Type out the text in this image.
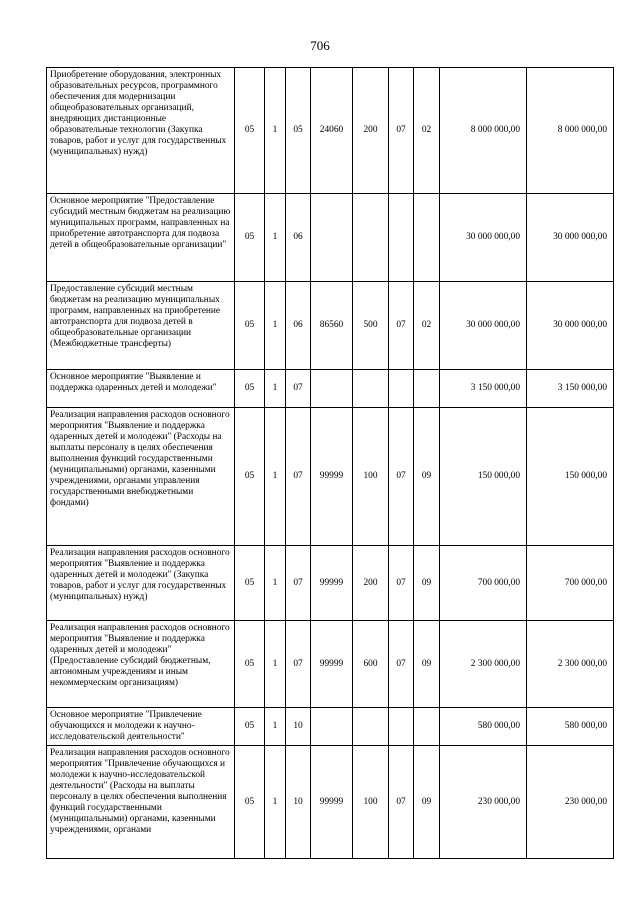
706
Приобретение оборудования, электронных образовательных ресурсов, программного обеспечения для модернизации общеобразовательных организаций, внедряющих дистанционные образовательные технологии (Закупка товаров, работ и услуг для государственных (муниципальных) нужд)	05	1	05	24060	200	07	02	8 000 000,00	8 000 000,00
Основное мероприятие "Предоставление субсидий местным бюджетам на реализацию муниципальных программ, направленных на приобретение автотранспорта для подвоза детей в общеобразовательные организации"	05	1	06					30 000 000,00	30 000 000,00
Предоставление субсидий местным бюджетам на реализацию муниципальных программ, направленных на приобретение автотранспорта для подвоза детей в общеобразовательные организации (Межбюджетные трансферты)	05	1	06	86560	500	07	02	30 000 000,00	30 000 000,00
Основное мероприятие "Выявление и поддержка одаренных детей и молодежи"	05	1	07					3 150 000,00	3 150 000,00
Реализация направления расходов основного мероприятия "Выявление и поддержка одаренных детей и молодежи" (Расходы на выплаты персоналу в целях обеспечения выполнения функций государственными (муниципальными) органами, казенными учреждениями, органами управления государственными внебюджетными фондами)	05	1	07	99999	100	07	09	150 000,00	150 000,00
Реализация направления расходов основного мероприятия "Выявление и поддержка одаренных детей и молодежи" (Закупка товаров, работ и услуг для государственных (муниципальных) нужд)	05	1	07	99999	200	07	09	700 000,00	700 000,00
Реализация направления расходов основного мероприятия "Выявление и поддержка одаренных детей и молодежи" (Предоставление субсидий бюджетным, автономным учреждениям и иным некоммерческим организациям)	05	1	07	99999	600	07	09	2 300 000,00	2 300 000,00
Основное мероприятие "Привлечение обучающихся и молодежи к научно-исследовательской деятельности"	05	1	10					580 000,00	580 000,00
Реализация направления расходов основного мероприятия "Привлечение обучающихся и молодежи к научно-исследовательской деятельности" (Расходы на выплаты персоналу в целях обеспечения выполнения функций государственными (муниципальными) органами, казенными учреждениями, органами	05	1	10	99999	100	07	09	230 000,00	230 000,00
